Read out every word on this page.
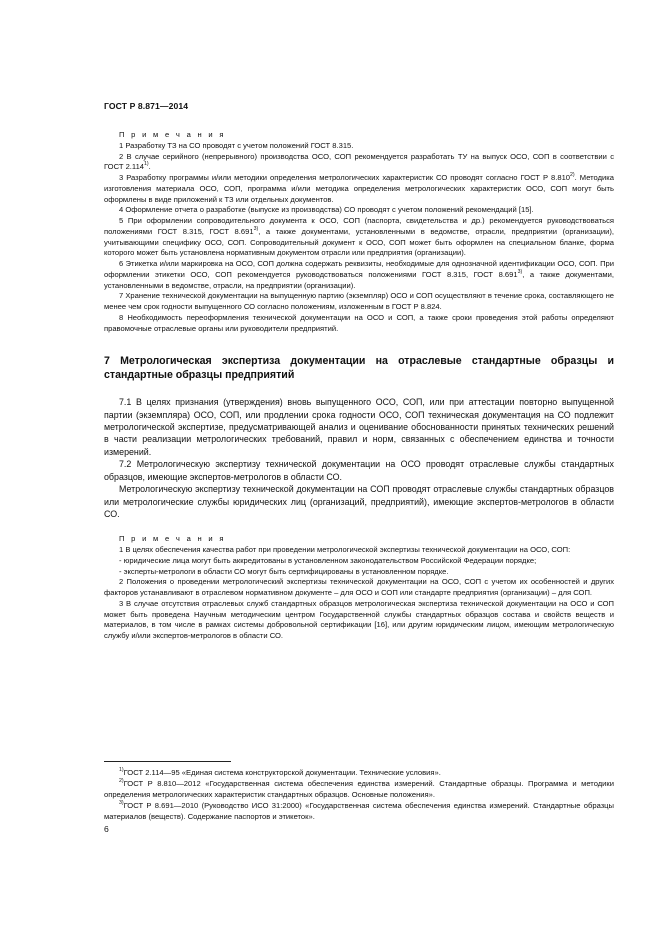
ГОСТ Р 8.871—2014

П р и м е ч а н и я

1 Разработку ТЗ на СО проводят с учетом положений ГОСТ 8.315.

2 В случае серийного (непрерывного) производства ОСО, СОП рекомендуется разработать ТУ на выпуск ОСО, СОП в соответствии с ГОСТ 2.114$^{1)}$.

3 Разработку программы и/или методики определения метрологических характеристик СО проводят согласно ГОСТ Р 8.810$^{2)}$. Методика изготовления материала ОСО, СОП, программа и/или методика определения метрологических характеристик ОСО, СОП могут быть оформлены в виде приложений к ТЗ или отдельных документов.

4 Оформление отчета о разработке (выпуске из производства) СО проводят с учетом положений рекомендаций [15].

5 При оформлении сопроводительного документа к ОСО, СОП (паспорта, свидетельства и др.) рекомендуется руководствоваться положениями ГОСТ 8.315, ГОСТ 8.691$^{3)}$, а также документами, установленными в ведомстве, отрасли, предприятии (организации), учитывающими специфику ОСО, СОП. Сопроводительный документ к ОСО, СОП может быть оформлен на специальном бланке, форма которого может быть установлена нормативным документом отрасли или предприятия (организации).

6 Этикетка и/или маркировка на ОСО, СОП должна содержать реквизиты, необходимые для однозначной идентификации ОСО, СОП. При оформлении этикетки ОСО, СОП рекомендуется руководствоваться положениями ГОСТ 8.315, ГОСТ 8.691$^{3)}$, а также документами, установленными в ведомстве, отрасли, на предприятии (организации).

7 Хранение технической документации на выпущенную партию (экземпляр) ОСО и СОП осуществляют в течение срока, составляющего не менее чем срок годности выпущенного СО согласно положениям, изложенным в ГОСТ Р 8.824.

8 Необходимость переоформления технической документации на ОСО и СОП, а также сроки проведения этой работы определяют правомочные отраслевые органы или руководители предприятий.

7 Метрологическая экспертиза документации на отраслевые стандартные образцы и стандартные образцы предприятий

7.1 В целях признания (утверждения) вновь выпущенного ОСО, СОП, или при аттестации повторно выпущенной партии (экземпляра) ОСО, СОП, или продлении срока годности ОСО, СОП техническая документация на СО подлежит метрологической экспертизе, предусматривающей анализ и оценивание обоснованности принятых технических решений в части реализации метрологических требований, правил и норм, связанных с обеспечением единства и точности измерений.

7.2 Метрологическую экспертизу технической документации на ОСО проводят отраслевые службы стандартных образцов, имеющие экспертов-метрологов в области СО.

Метрологическую экспертизу технической документации на СОП проводят отраслевые службы стандартных образцов или метрологические службы юридических лиц (организаций, предприятий), имеющие экспертов-метрологов в области СО.

П р и м е ч а н и я

1 В целях обеспечения качества работ при проведении метрологической экспертизы технической документации на ОСО, СОП:

- юридические лица могут быть аккредитованы в установленном законодательством Российской Федерации порядке;

- эксперты-метрологи в области СО могут быть сертифицированы в установленном порядке.

2 Положения о проведении метрологический экспертизы технической документации на ОСО, СОП с учетом их особенностей и других факторов устанавливают в отраслевом нормативном документе – для ОСО и СОП или стандарте предприятия (организации) – для СОП.

3 В случае отсутствия отраслевых служб стандартных образцов метрологическая экспертиза технической документации на ОСО и СОП может быть проведена Научным методическим центром Государственной службы стандартных образцов состава и свойств веществ и материалов, в том числе в рамках системы добровольной сертификации [16], или другим юридическим лицом, имеющим метрологическую службу и/или экспертов-метрологов в области СО.

$^{1)}$ГОСТ 2.114—95 «Единая система конструкторской документации. Технические условия».

$^{2)}$ГОСТ Р 8.810—2012 «Государственная система обеспечения единства измерений. Стандартные образцы. Программа и методики определения метрологических характеристик стандартных образцов. Основные положения».

$^{3)}$ГОСТ Р 8.691—2010 (Руководство ИСО 31:2000) «Государственная система обеспечения единства измерений. Стандартные образцы материалов (веществ). Содержание паспортов и этикеток».

6
